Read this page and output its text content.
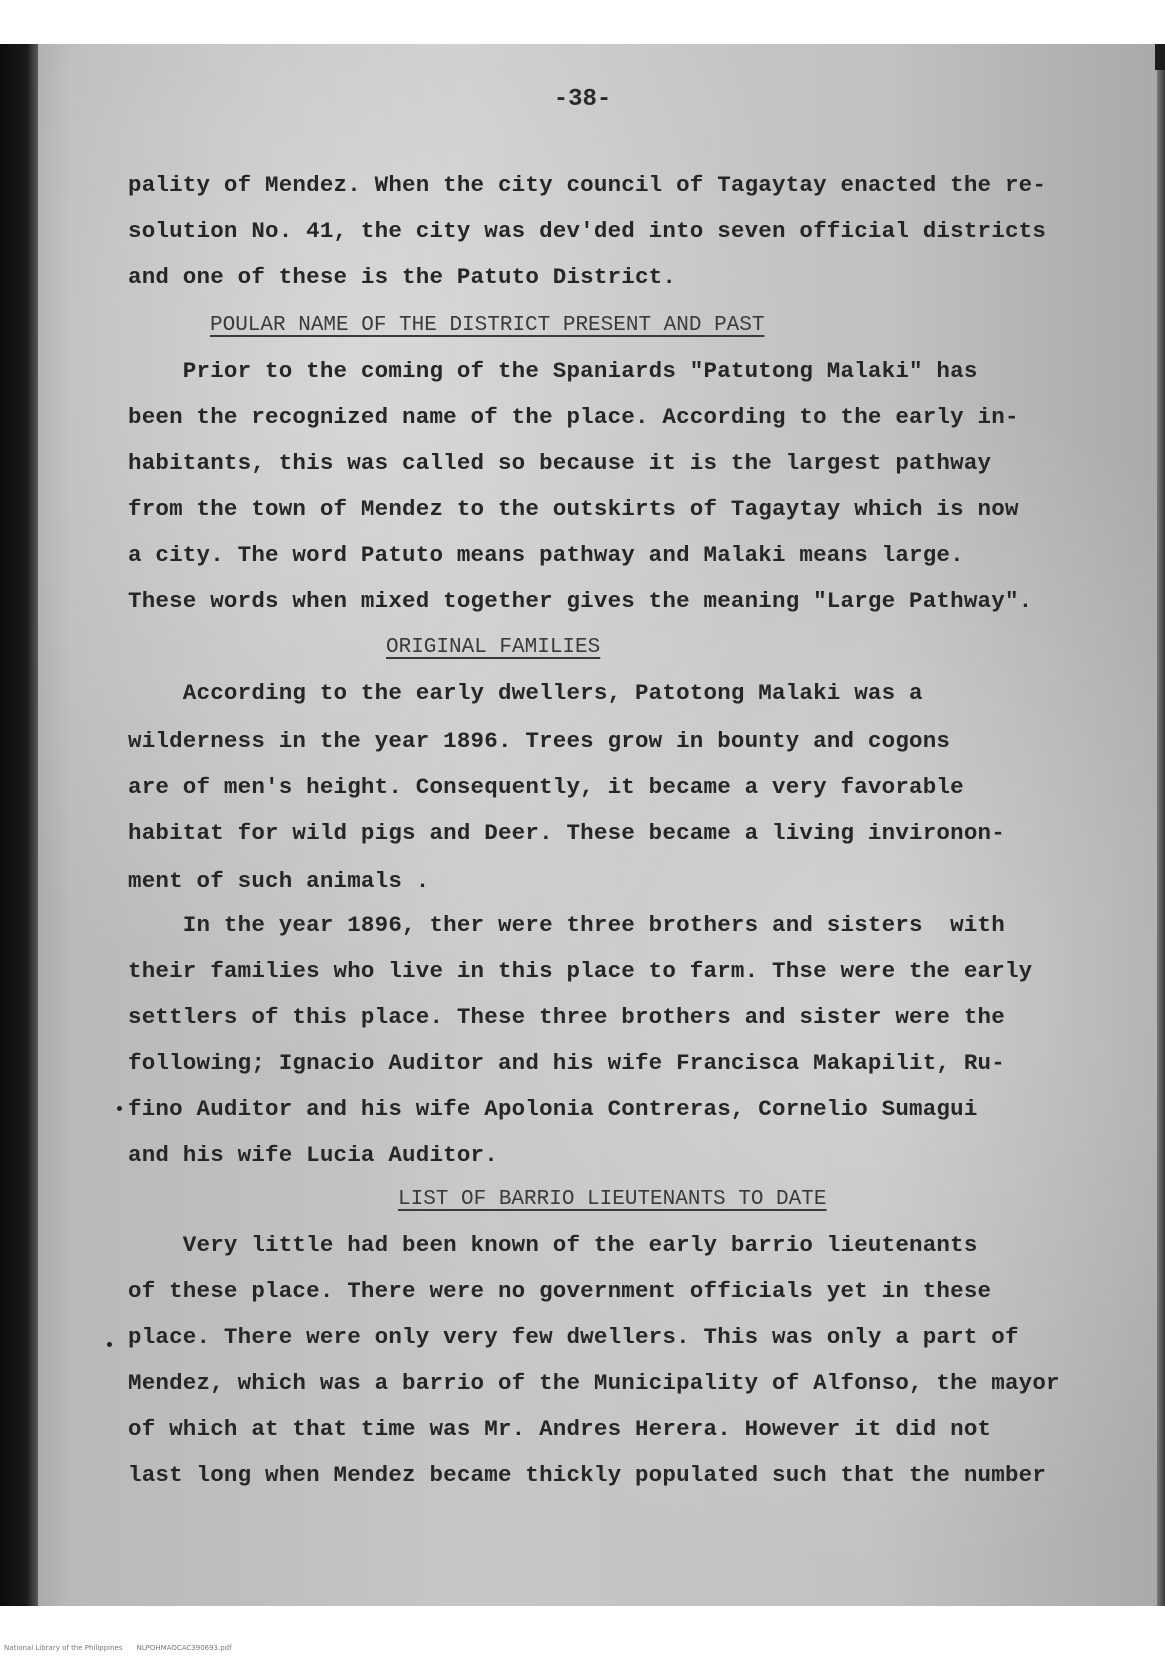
-38-
pality of Mendez. When the city council of Tagaytay enacted the re-
solution No. 41, the city was dev'ded into seven official districts
and one of these is the Patuto District.
POULAR NAME OF THE DISTRICT PRESENT AND PAST
Prior to the coming of the Spaniards "Patutong Malaki" has
been the recognized name of the place. According to the early in-
habitants, this was called so because it is the largest pathway
from the town of Mendez to the outskirts of Tagaytay which is now
a city. The word Patuto means pathway and Malaki means large.
These words when mixed together gives the meaning "Large Pathway".
ORIGINAL FAMILIES
According to the early dwellers, Patotong Malaki was a
wilderness in the year 1896. Trees grow in bounty and cogons
are of men's height. Consequently, it became a very favorable
habitat for wild pigs and Deer. These became a living invironon-
ment of such animals .
In the year 1896, ther were three brothers and sisters  with
their families who live in this place to farm. Thse were the early
settlers of this place. These three brothers and sister were the
following; Ignacio Auditor and his wife Francisca Makapilit, Ru-
fino Auditor and his wife Apolonia Contreras, Cornelio Sumagui
and his wife Lucia Auditor.
LIST OF BARRIO LIEUTENANTS TO DATE
Very little had been known of the early barrio lieutenants
of these place. There were no government officials yet in these
place. There were only very few dwellers. This was only a part of
Mendez, which was a barrio of the Municipality of Alfonso, the mayor
of which at that time was Mr. Andres Herera. However it did not
last long when Mendez became thickly populated such that the number
National Library of the Philippines NLPOHMAOCAC390693.pdf
